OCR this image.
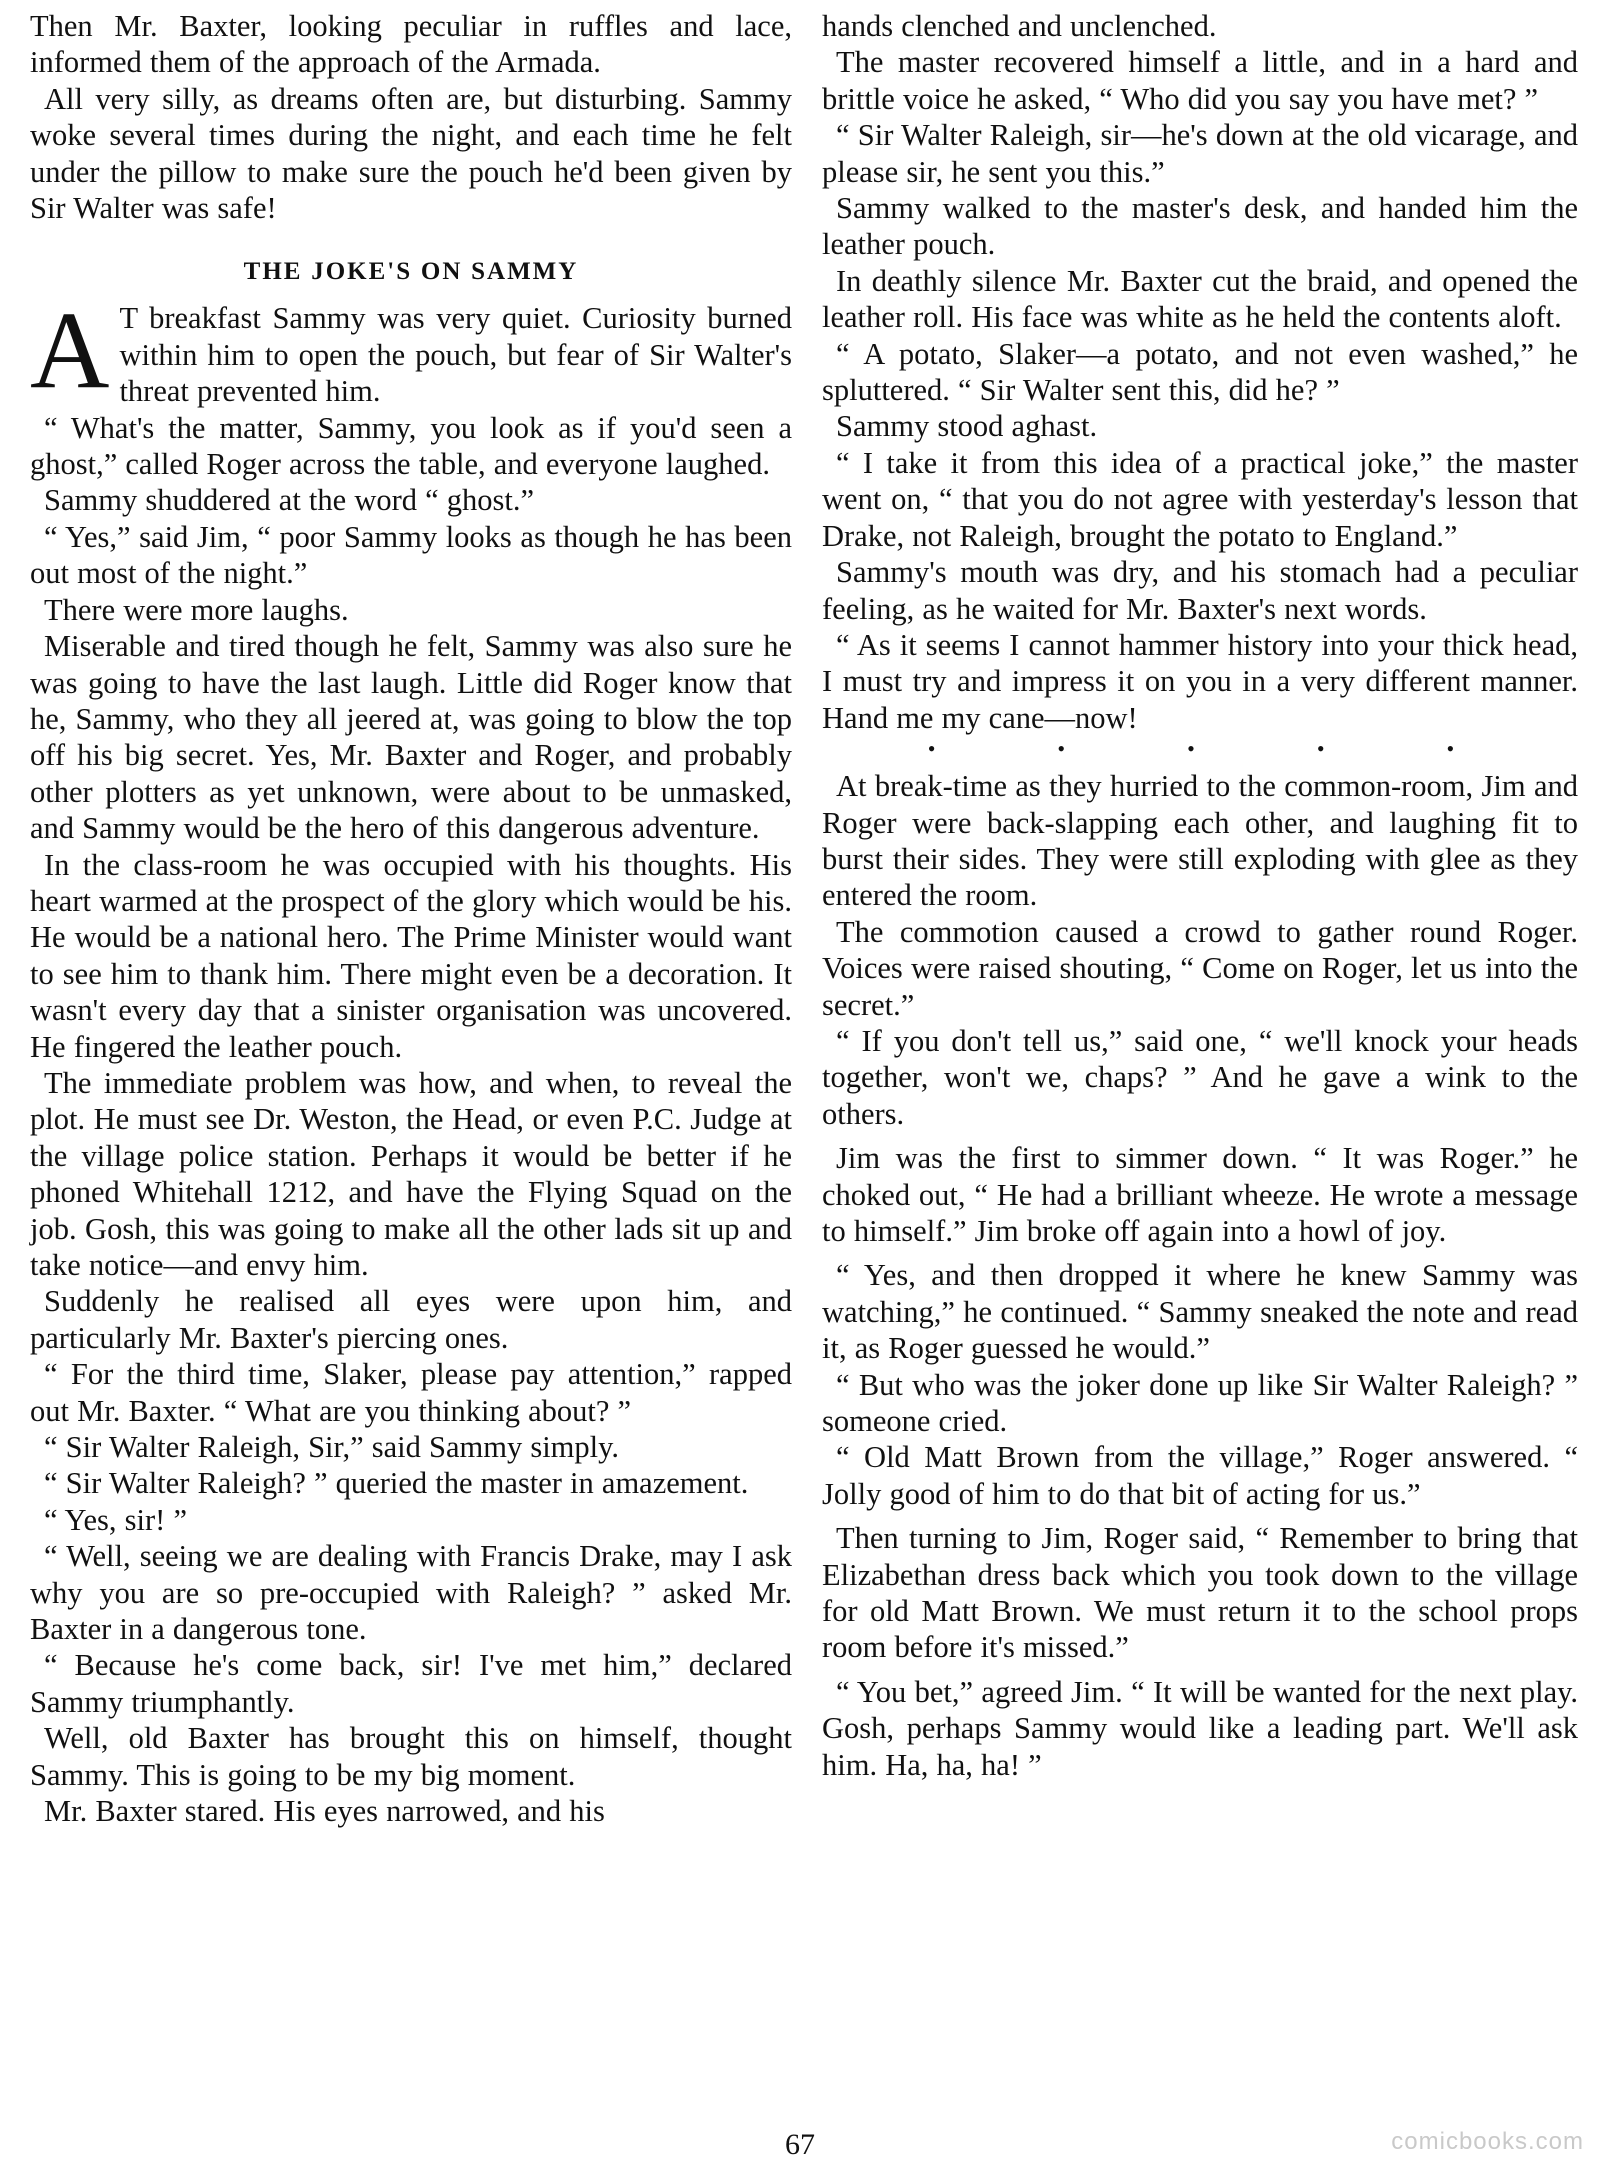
Then Mr. Baxter, looking peculiar in ruffles and lace, informed them of the approach of the Armada.

All very silly, as dreams often are, but disturbing. Sammy woke several times during the night, and each time he felt under the pillow to make sure the pouch he'd been given by Sir Walter was safe!

THE JOKE'S ON SAMMY

A T breakfast Sammy was very quiet. Curiosity burned within him to open the pouch, but fear of Sir Walter's threat prevented him.

“ What's the matter, Sammy, you look as if you'd seen a ghost,” called Roger across the table, and everyone laughed.

Sammy shuddered at the word “ ghost.”

“ Yes,” said Jim, “ poor Sammy looks as though he has been out most of the night.”

There were more laughs.

Miserable and tired though he felt, Sammy was also sure he was going to have the last laugh. Little did Roger know that he, Sammy, who they all jeered at, was going to blow the top off his big secret. Yes, Mr. Baxter and Roger, and probably other plotters as yet unknown, were about to be unmasked, and Sammy would be the hero of this dangerous adventure.

In the class-room he was occupied with his thoughts. His heart warmed at the prospect of the glory which would be his. He would be a national hero. The Prime Minister would want to see him to thank him. There might even be a decoration. It wasn't every day that a sinister organisation was uncovered. He fingered the leather pouch.

The immediate problem was how, and when, to reveal the plot. He must see Dr. Weston, the Head, or even P.C. Judge at the village police station. Perhaps it would be better if he phoned Whitehall 1212, and have the Flying Squad on the job. Gosh, this was going to make all the other lads sit up and take notice—and envy him.

Suddenly he realised all eyes were upon him, and particularly Mr. Baxter's piercing ones.

“ For the third time, Slaker, please pay attention,” rapped out Mr. Baxter. “ What are you thinking about? ”

“ Sir Walter Raleigh, Sir,” said Sammy simply.

“ Sir Walter Raleigh? ” queried the master in amazement.

“ Yes, sir! ”

“ Well, seeing we are dealing with Francis Drake, may I ask why you are so pre-occupied with Raleigh? ” asked Mr. Baxter in a dangerous tone.

“ Because he's come back, sir! I've met him,” declared Sammy triumphantly.

Well, old Baxter has brought this on himself, thought Sammy. This is going to be my big moment.

Mr. Baxter stared. His eyes narrowed, and his

hands clenched and unclenched.

The master recovered himself a little, and in a hard and brittle voice he asked, “ Who did you say you have met? ”

“ Sir Walter Raleigh, sir—he's down at the old vicarage, and please sir, he sent you this.”

Sammy walked to the master's desk, and handed him the leather pouch.

In deathly silence Mr. Baxter cut the braid, and opened the leather roll. His face was white as he held the contents aloft.

“ A potato, Slaker—a potato, and not even washed,” he spluttered. “ Sir Walter sent this, did he? ”

Sammy stood aghast.

“ I take it from this idea of a practical joke,” the master went on, “ that you do not agree with yesterday's lesson that Drake, not Raleigh, brought the potato to England.”

Sammy's mouth was dry, and his stomach had a peculiar feeling, as he waited for Mr. Baxter's next words.

“ As it seems I cannot hammer history into your thick head, I must try and impress it on you in a very different manner. Hand me my cane—now!

• • • • •

At break-time as they hurried to the common-room, Jim and Roger were back-slapping each other, and laughing fit to burst their sides. They were still exploding with glee as they entered the room.

The commotion caused a crowd to gather round Roger. Voices were raised shouting, “ Come on Roger, let us into the secret.”

“ If you don't tell us,” said one, “ we'll knock your heads together, won't we, chaps? ” And he gave a wink to the others.

Jim was the first to simmer down. “ It was Roger.” he choked out, “ He had a brilliant wheeze. He wrote a message to himself.” Jim broke off again into a howl of joy.

“ Yes, and then dropped it where he knew Sammy was watching,” he continued. “ Sammy sneaked the note and read it, as Roger guessed he would.”

“ But who was the joker done up like Sir Walter Raleigh? ” someone cried.

“ Old Matt Brown from the village,” Roger answered. “ Jolly good of him to do that bit of acting for us.”

Then turning to Jim, Roger said, “ Remember to bring that Elizabethan dress back which you took down to the village for old Matt Brown. We must return it to the school props room before it's missed.”

“ You bet,” agreed Jim. “ It will be wanted for the next play. Gosh, perhaps Sammy would like a leading part. We'll ask him. Ha, ha, ha! ”

67	comicbooks.com
